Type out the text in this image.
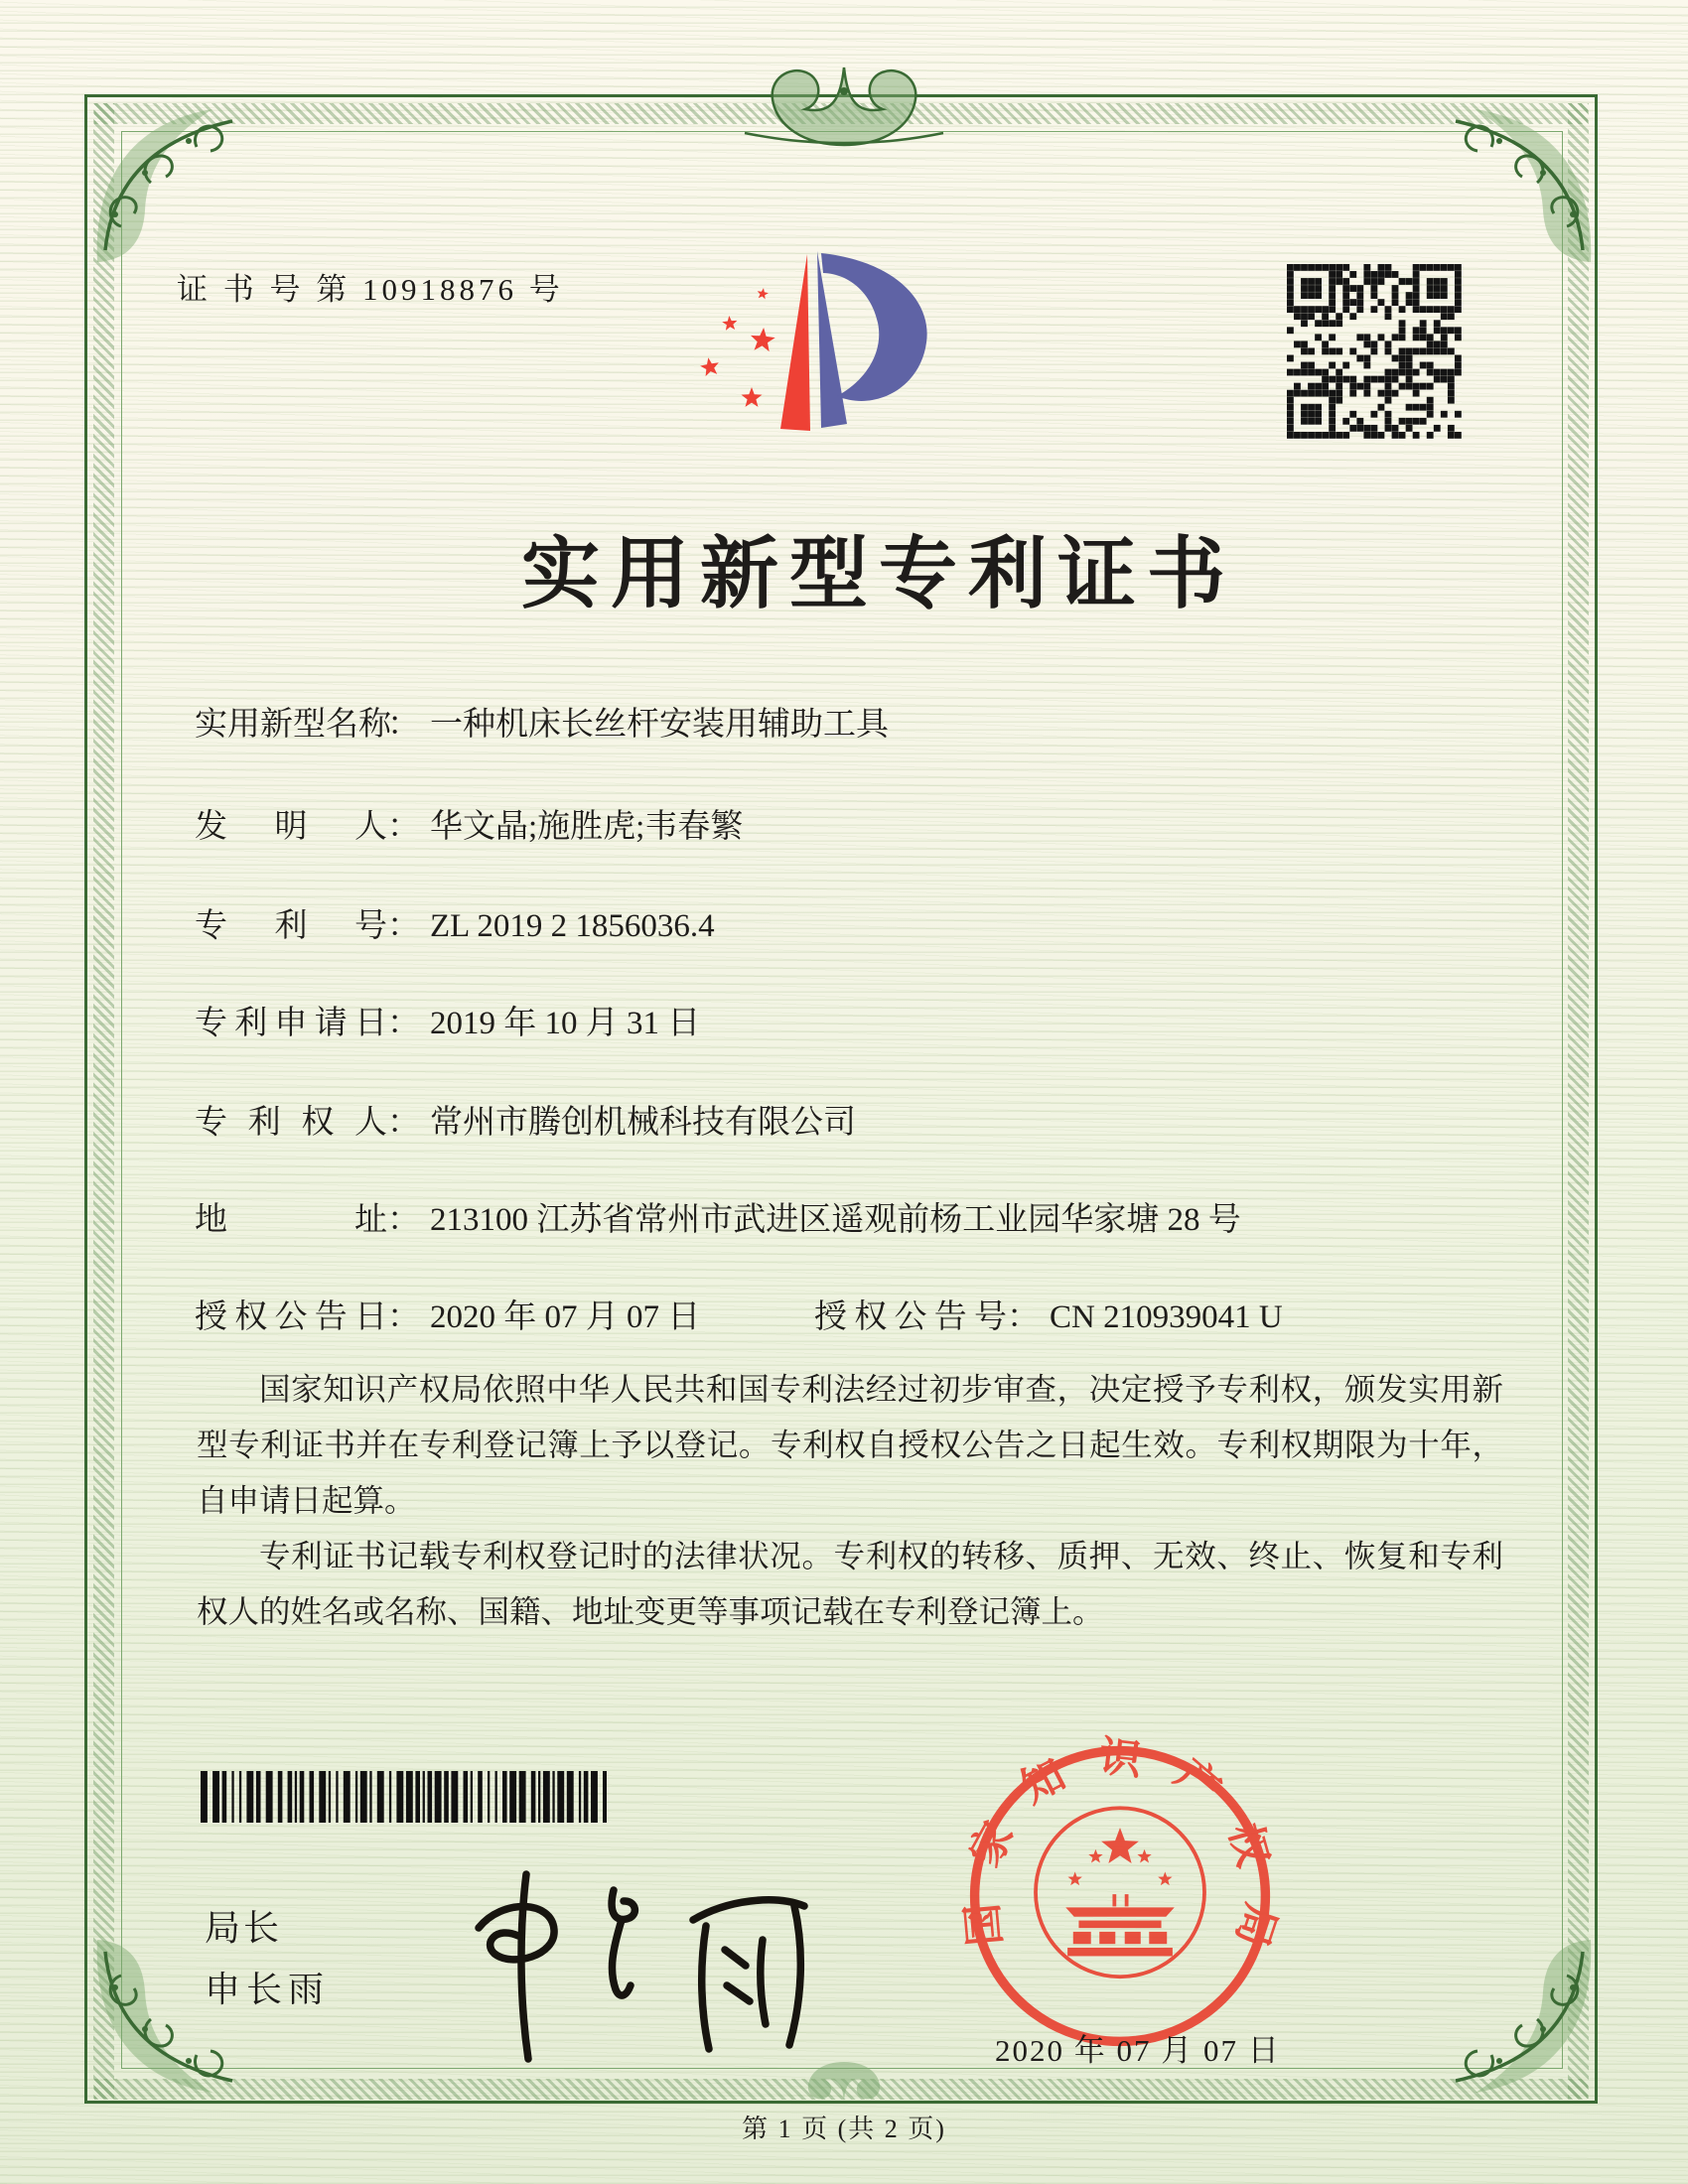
证 书 号 第 10918876 号
实用新型专利证书
实用新型名称： 一种机床长丝杆安装用辅助工具
发明人： 华文晶;施胜虎;韦春繁
专利号： ZL 2019 2 1856036.4
专利申请日： 2019 年 10 月 31 日
专利权人： 常州市腾创机械科技有限公司
地址： 213100 江苏省常州市武进区遥观前杨工业园华家塘 28 号
授权公告日： 2020 年 07 月 07 日	授权公告号： CN 210939041 U

国家知识产权局依照中华人民共和国专利法经过初步审查，决定授予专利权，颁发实用新型专利证书并在专利登记簿上予以登记。专利权自授权公告之日起生效。专利权期限为十年，自申请日起算。

专利证书记载专利权登记时的法律状况。专利权的转移、质押、无效、终止、恢复和专利权人的姓名或名称、国籍、地址变更等事项记载在专利登记簿上。

局长
申长雨
2020 年 07 月 07 日
国家知识产权局
第 1 页 (共 2 页)
